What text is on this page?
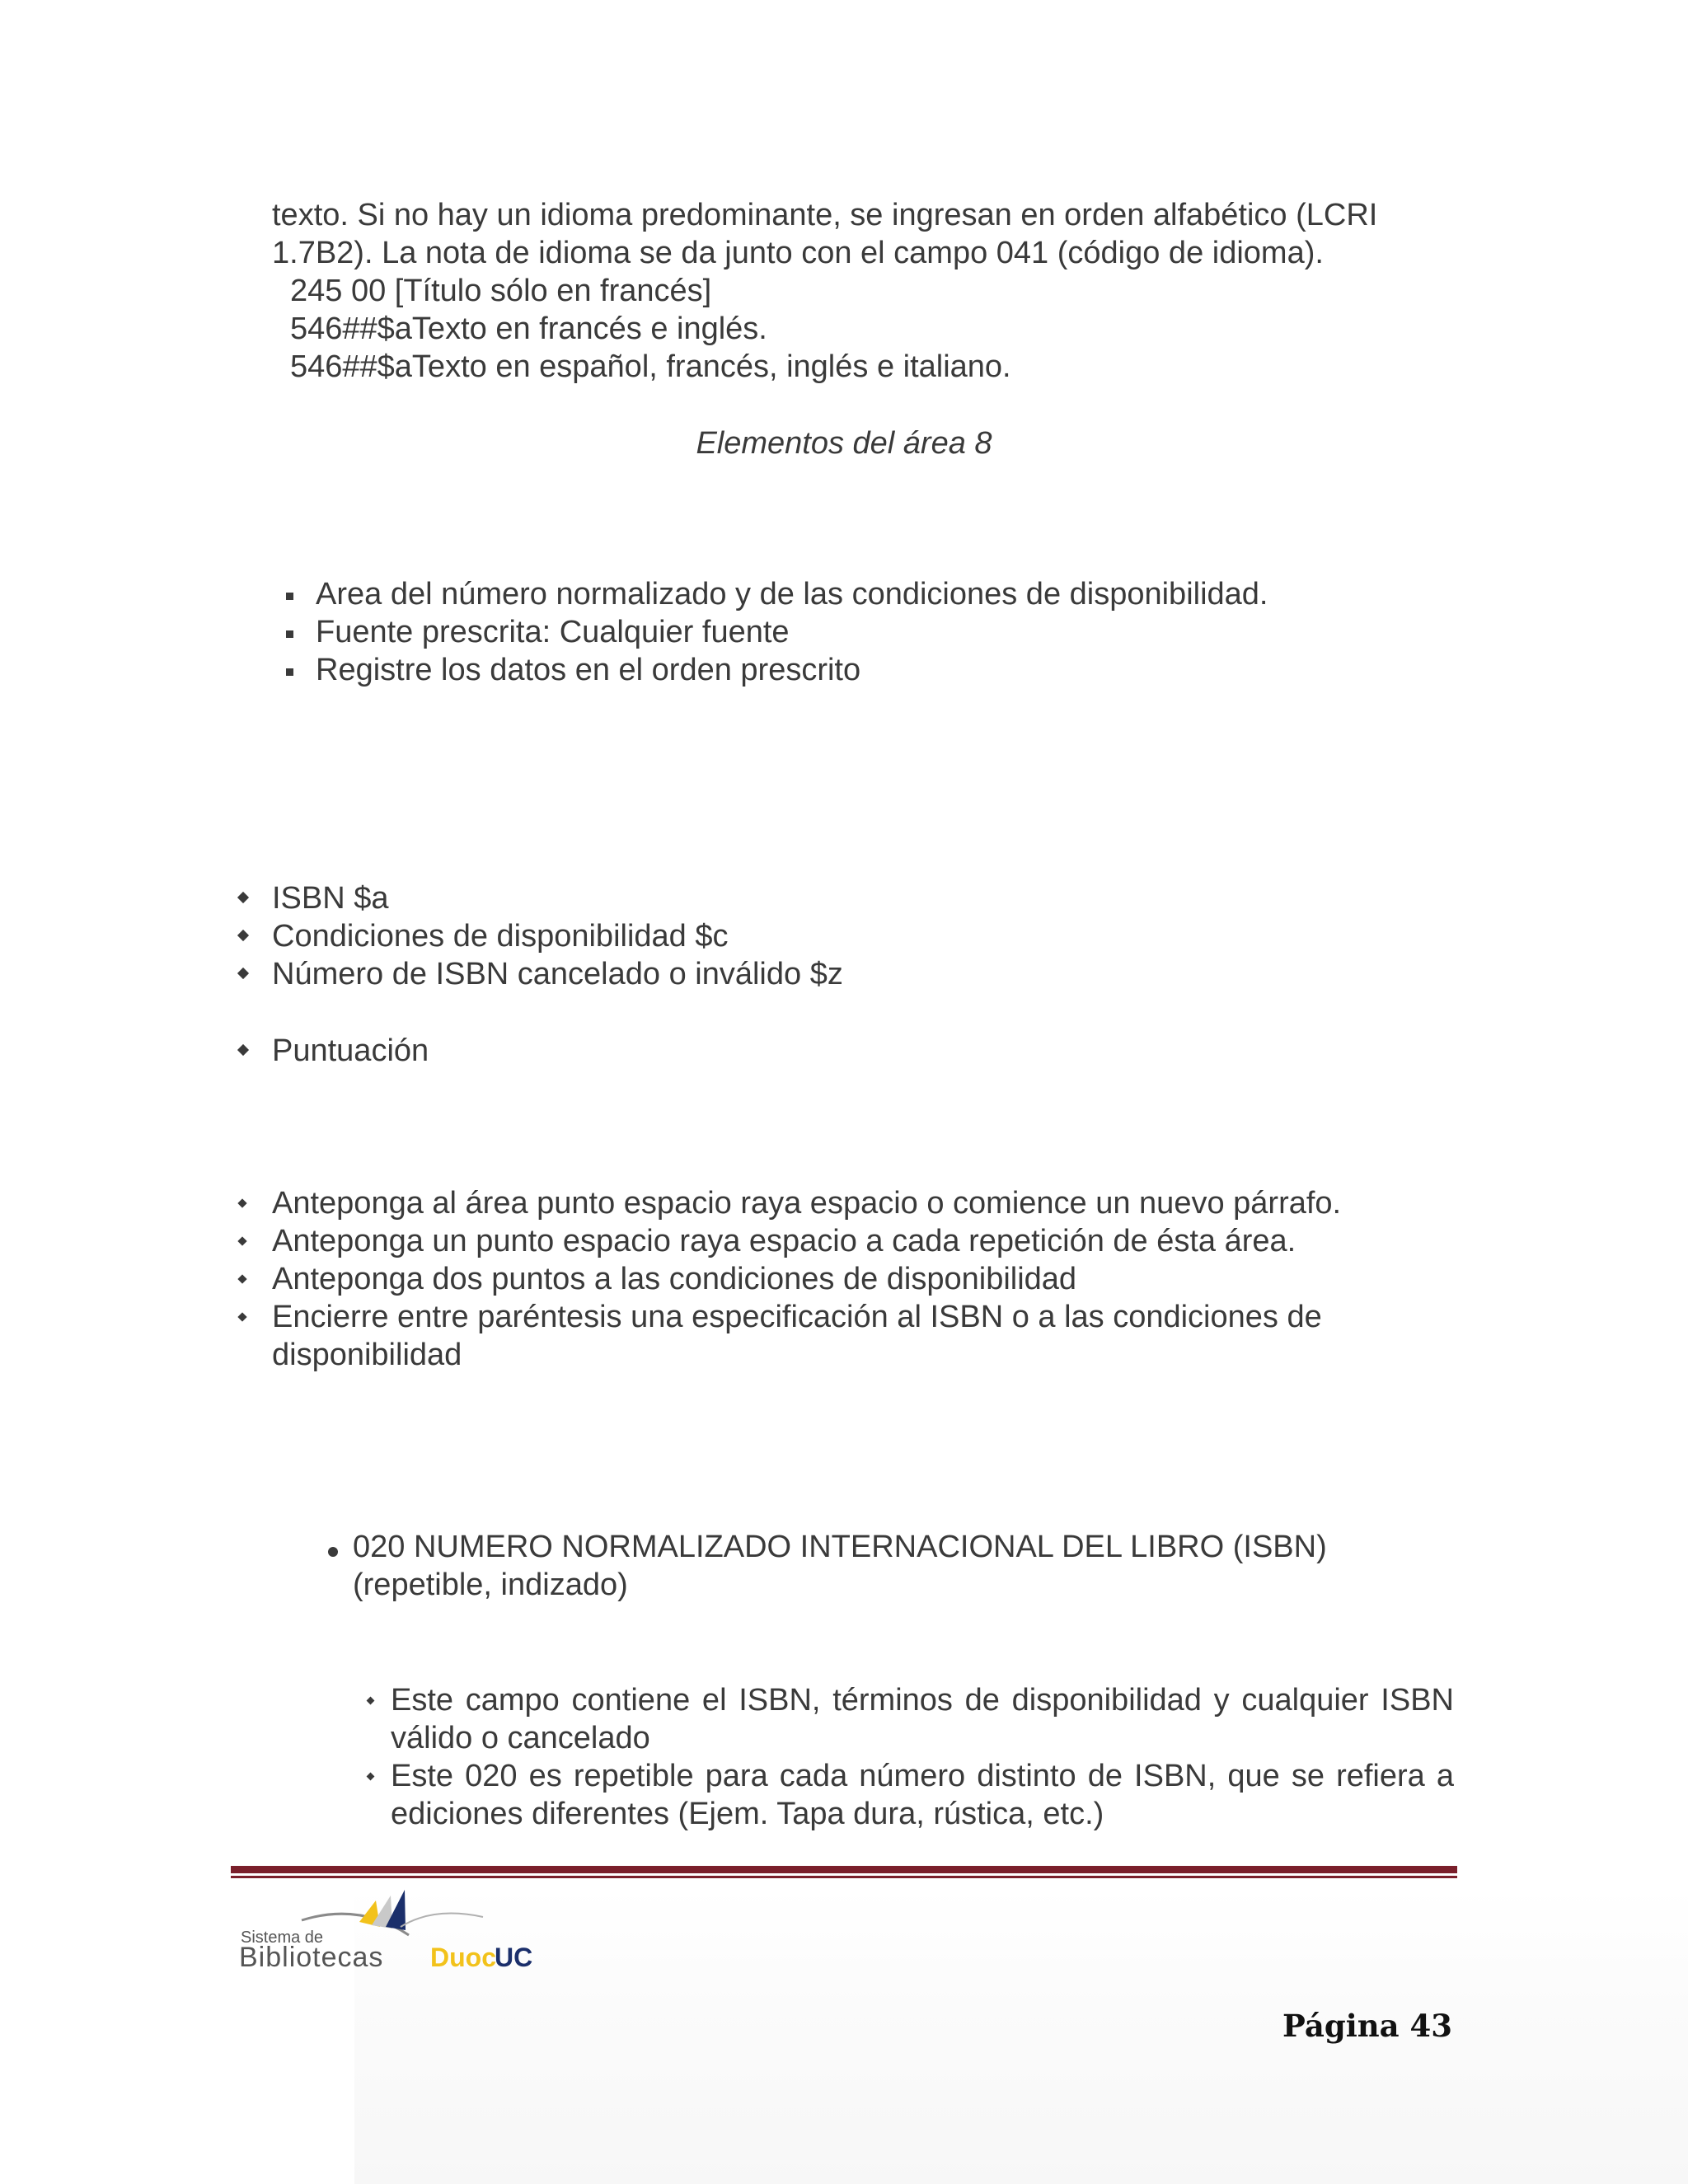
texto. Si no hay un idioma predominante, se ingresan en orden alfabético (LCRI

1.7B2). La nota de idioma se da junto con el campo 041 (código de idioma).

245 00 [Título sólo en francés]
546##$aTexto en francés e inglés.
546##$aTexto en español, francés, inglés e italiano.
Elementos del área 8
Area del número normalizado y de las condiciones de disponibilidad.
Fuente prescrita: Cualquier fuente
Registre los datos en el orden prescrito
ISBN $a
Condiciones de disponibilidad $c
Número de ISBN cancelado o inválido $z
Puntuación
Anteponga al área punto espacio raya espacio o comience un nuevo párrafo.
Anteponga un punto espacio raya espacio a cada repetición de ésta área.
Anteponga dos puntos a las condiciones de disponibilidad
Encierre entre paréntesis una especificación al ISBN o a las condiciones de disponibilidad
020 NUMERO NORMALIZADO INTERNACIONAL DEL LIBRO (ISBN)
(repetible, indizado)
Este campo contiene el ISBN, términos de disponibilidad y cualquier ISBN válido o cancelado
Este 020 es repetible para cada número distinto de ISBN, que se refiera a ediciones diferentes (Ejem. Tapa dura, rústica, etc.)
Sistema de
Bibliotecas Duoc
UC
Página 43
